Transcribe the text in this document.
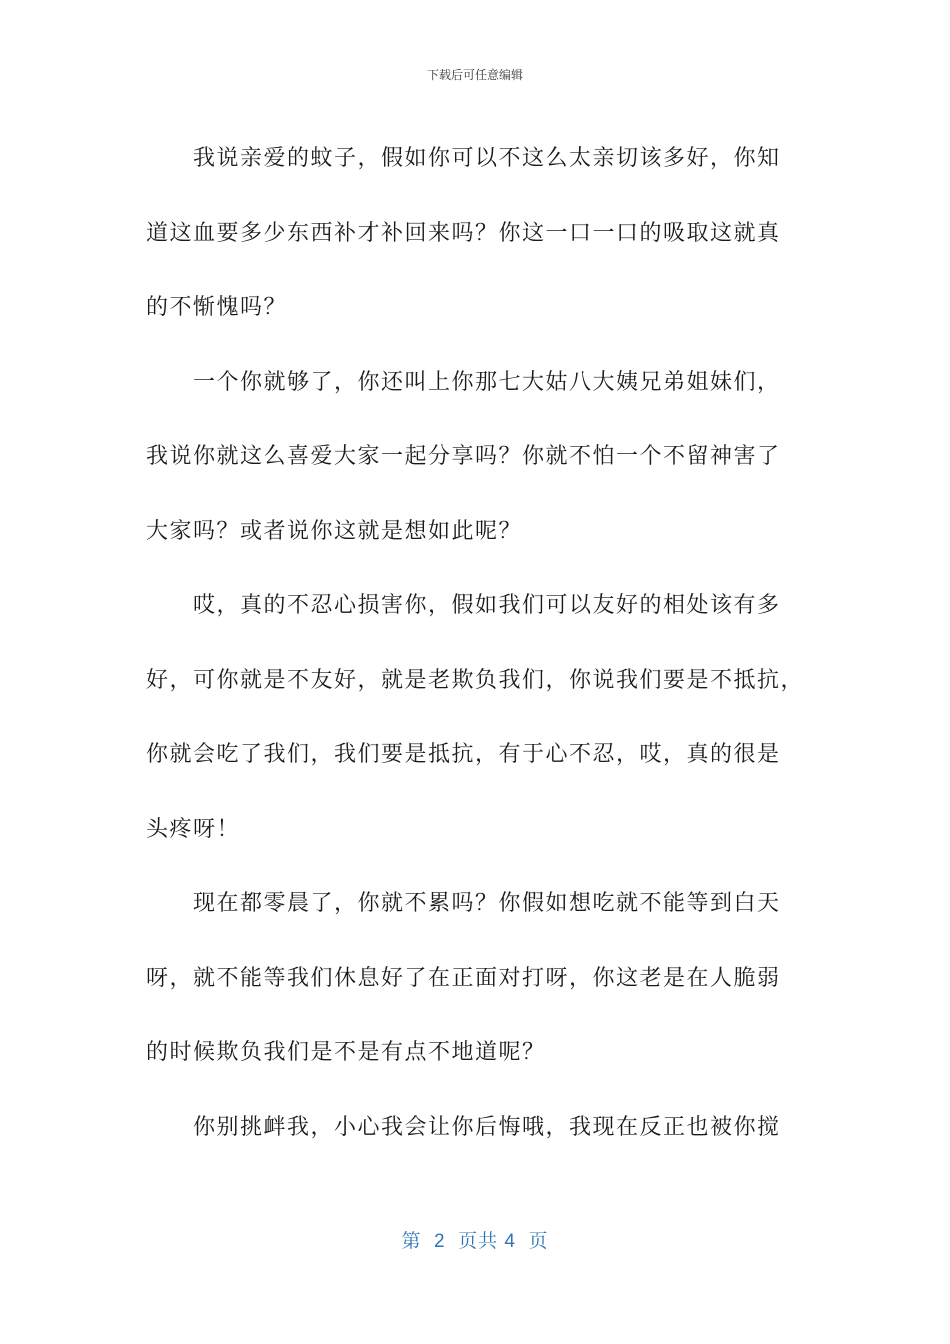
下载后可任意编辑
我说亲爱的蚊子，假如你可以不这么太亲切该多好，你知
道这血要多少东西补才补回来吗？你这一口一口的吸取这就真
的不惭愧吗？
一个你就够了，你还叫上你那七大姑八大姨兄弟姐妹们，
我说你就这么喜爱大家一起分享吗？你就不怕一个不留神害了
大家吗？或者说你这就是想如此呢？
哎，真的不忍心损害你，假如我们可以友好的相处该有多
好，可你就是不友好，就是老欺负我们，你说我们要是不抵抗，
你就会吃了我们，我们要是抵抗，有于心不忍，哎，真的很是
头疼呀！
现在都零晨了，你就不累吗？你假如想吃就不能等到白天
呀，就不能等我们休息好了在正面对打呀，你这老是在人脆弱
的时候欺负我们是不是有点不地道呢？
你别挑衅我，小心我会让你后悔哦，我现在反正也被你搅
第  2  页共 4  页
